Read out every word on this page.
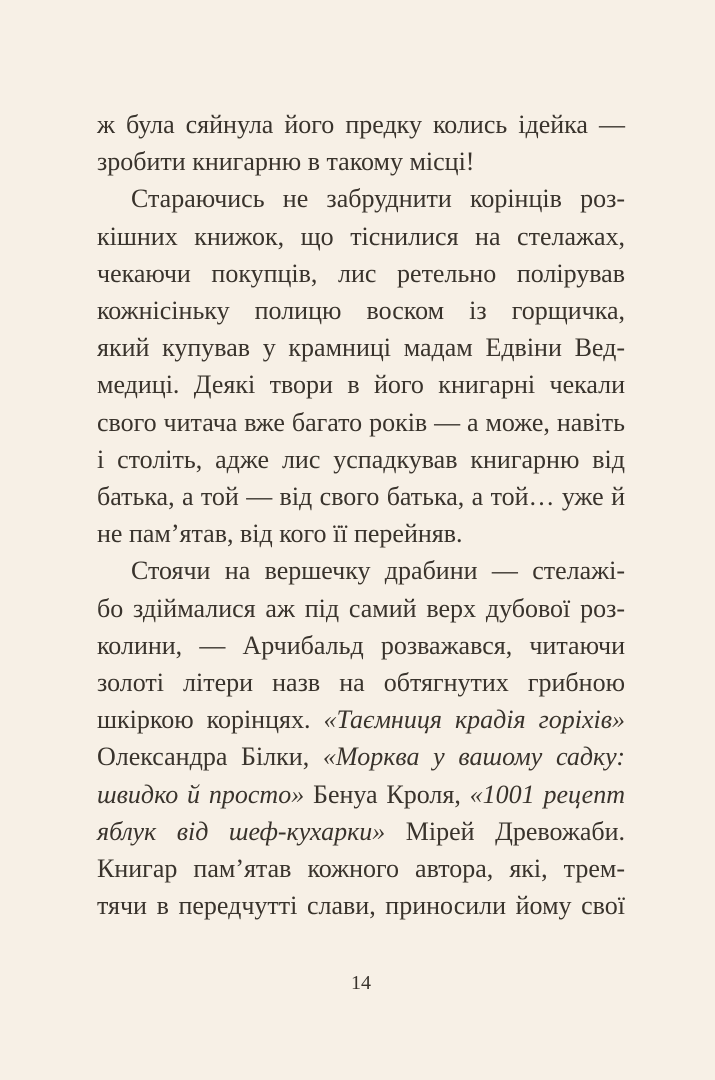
ж була сяйнула його предку колись ідейка —
зробити книгарню в такому місці!
Стараючись не забруднити корінців роз-
кішних книжок, що тіснилися на стелажах,
чекаючи покупців, лис ретельно полірував
кожнісіньку полицю воском із горщичка,
який купував у крамниці мадам Едвіни Вед-
медиці. Деякі твори в його книгарні чекали
свого читача вже багато років — а може, навіть
і століть, адже лис успадкував книгарню від
батька, а той — від свого батька, а той… уже й
не пам’ятав, від кого її перейняв.
Стоячи на вершечку драбини — стелажі-
бо здіймалися аж під самий верх дубової роз-
колини, — Арчибальд розважався, читаючи
золоті літери назв на обтягнутих грибною
шкіркою корінцях. «Таємниця крадія горіхів»
Олександра Білки, «Морква у вашому садку:
швидко й просто» Бенуа Кроля, «1001 рецепт
яблук від шеф-кухарки» Мірей Древожаби.
Книгар пам’ятав кожного автора, які, трем-
тячи в передчутті слави, приносили йому свої
14
